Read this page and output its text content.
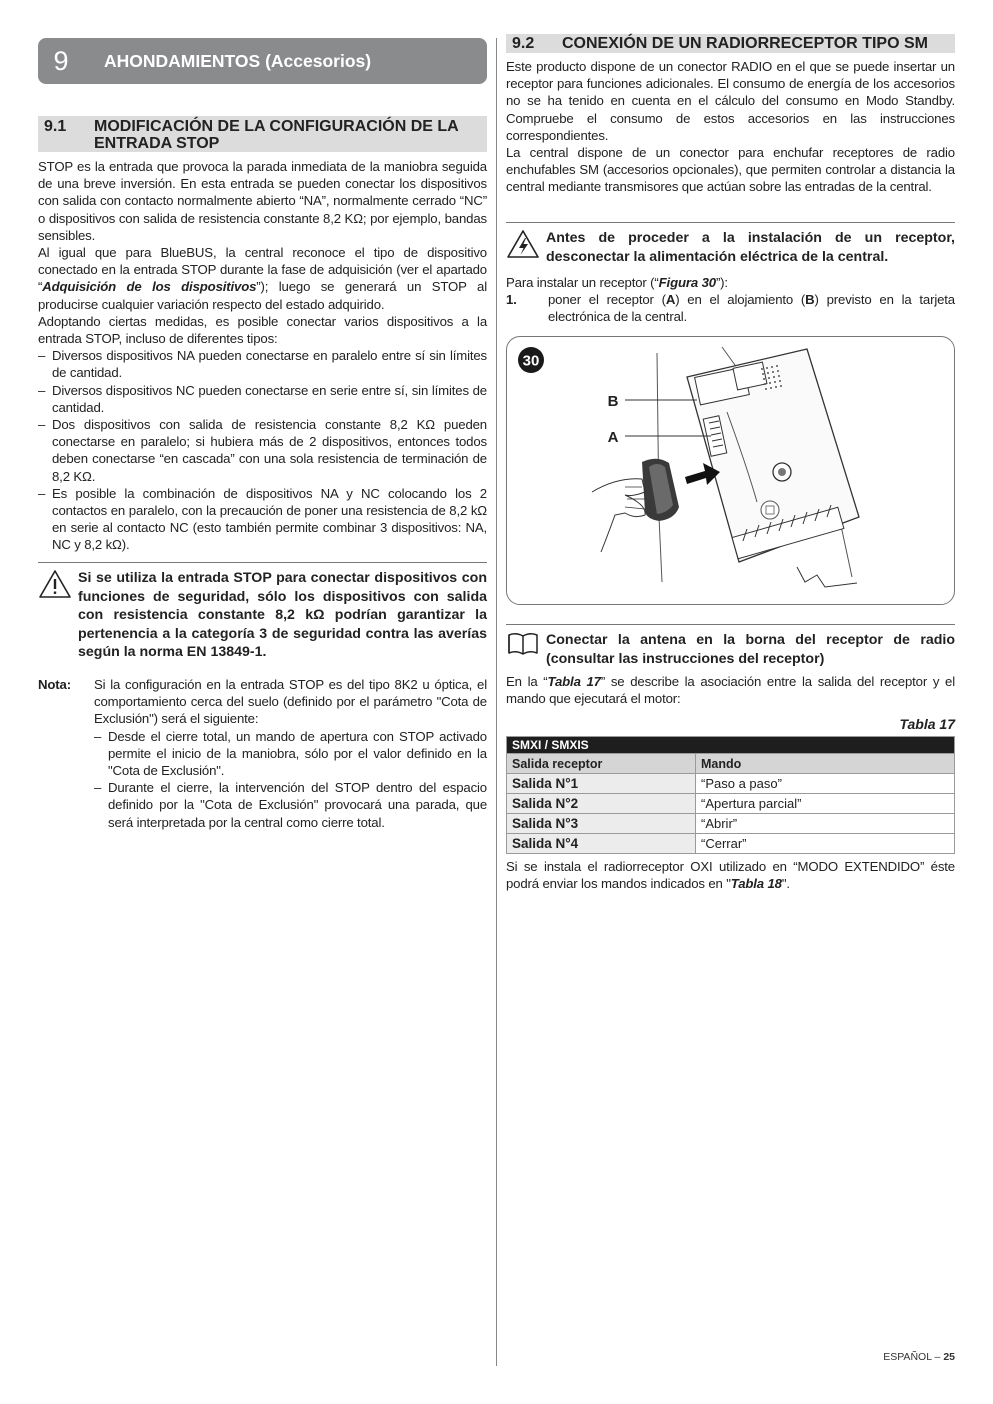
9	AHONDAMIENTOS (Accesorios)
9.1	MODIFICACIÓN DE LA CONFIGURACIÓN DE LA ENTRADA STOP

STOP es la entrada que provoca la parada inmediata de la maniobra seguida de una breve inversión. En esta entrada se pueden conectar los dispositivos con salida con contacto normalmente abierto “NA”, normalmente cerrado “NC” o dispositivos con salida de resistencia constante 8,2 KΩ; por ejemplo, bandas sensibles.

Al igual que para BlueBUS, la central reconoce el tipo de dispositivo conectado en la entrada STOP durante la fase de adquisición (ver el apartado “Adquisición de los dispositivos”); luego se generará un STOP al producirse cualquier variación respecto del estado adquirido.

Adoptando ciertas medidas, es posible conectar varios dispositivos a la entrada STOP, incluso de diferentes tipos:

– Diversos dispositivos NA pueden conectarse en paralelo entre sí sin límites de cantidad.
– Diversos dispositivos NC pueden conectarse en serie entre sí, sin límites de cantidad.
– Dos dispositivos con salida de resistencia constante 8,2 KΩ pueden conectarse en paralelo; si hubiera más de 2 dispositivos, entonces todos deben conectarse “en cascada” con una sola resistencia de terminación de 8,2 KΩ.
– Es posible la combinación de dispositivos NA y NC colocando los 2 contactos en paralelo, con la precaución de poner una resistencia de 8,2 kΩ en serie al contacto NC (esto también permite combinar 3 dispositivos: NA, NC y 8,2 kΩ).
Si se utiliza la entrada STOP para conectar dispositivos con funciones de seguridad, sólo los dispositivos con salida con resistencia constante 8,2 kΩ podrían garantizar la pertenencia a la categoría 3 de seguridad contra las averías según la norma EN 13849-1.
Nota:	Si la configuración en la entrada STOP es del tipo 8K2 u óptica, el comportamiento cerca del suelo (definido por el parámetro "Cota de Exclusión") será el siguiente:

– Desde el cierre total, un mando de apertura con STOP activado permite el inicio de la maniobra, sólo por el valor definido en la "Cota de Exclusión".
– Durante el cierre, la intervención del STOP dentro del espacio definido por la "Cota de Exclusión" provocará una parada, que será interpretada por la central como cierre total.
9.2	CONEXIÓN DE UN RADIORRECEPTOR TIPO SM

Este producto dispone de un conector RADIO en el que se puede insertar un receptor para funciones adicionales. El consumo de energía de los accesorios no se ha tenido en cuenta en el cálculo del consumo en Modo Standby. Compruebe el consumo de estos accesorios en las instrucciones correspondientes.

La central dispone de un conector para enchufar receptores de radio enchufables SM (accesorios opcionales), que permiten controlar a distancia la central mediante transmisores que actúan sobre las entradas de la central.

Antes de proceder a la instalación de un receptor, desconectar la alimentación eléctrica de la central.

Para instalar un receptor (“Figura 30”):

1.	poner el receptor (A) en el alojamiento (B) previsto en la tarjeta electrónica de la central.
30
B
A
Conectar la antena en la borna del receptor de radio (consultar las instrucciones del receptor)

En la “Tabla 17” se describe la asociación entre la salida del receptor y el mando que ejecutará el motor:

Tabla 17
SMXI / SMXIS	
Salida receptor	Mando
Salida N°1	“Paso a paso”
Salida N°2	“Apertura parcial”
Salida N°3	“Abrir”
Salida N°4	“Cerrar”

Si se instala el radiorreceptor OXI utilizado en “MODO EXTENDIDO” éste podrá enviar los mandos indicados en "Tabla 18".

ESPAÑOL – 25
